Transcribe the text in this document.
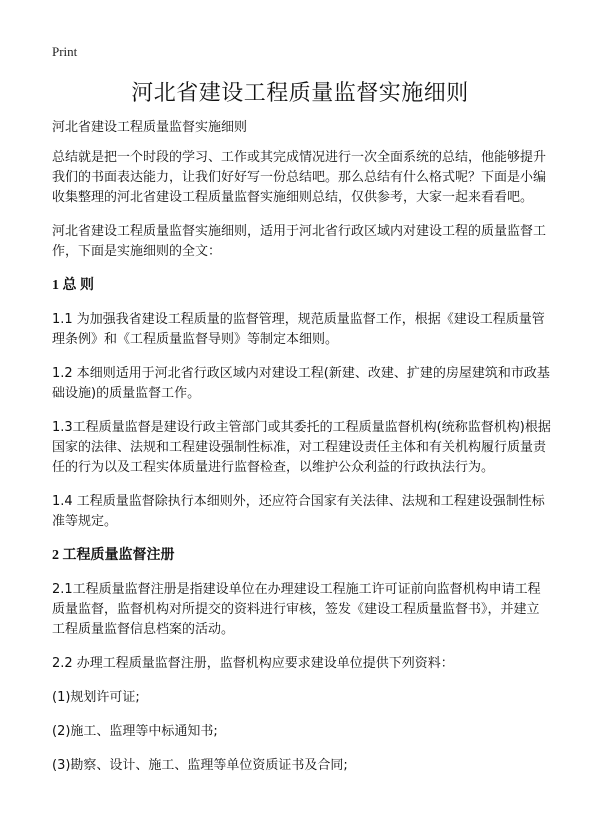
Print
河北省建设工程质量监督实施细则

河北省建设工程质量监督实施细则

总结就是把一个时段的学习、工作或其完成情况进行一次全面系统的总结，他能够提升我们的书面表达能力，让我们好好写一份总结吧。那么总结有什么格式呢？下面是小编收集整理的河北省建设工程质量监督实施细则总结，仅供参考，大家一起来看看吧。

河北省建设工程质量监督实施细则，适用于河北省行政区域内对建设工程的质量监督工作，下面是实施细则的全文：

1 总 则

1.1 为加强我省建设工程质量的监督管理，规范质量监督工作，根据《建设工程质量管理条例》和《工程质量监督导则》等制定本细则。

1.2 本细则适用于河北省行政区域内对建设工程(新建、改建、扩建的房屋建筑和市政基础设施)的质量监督工作。

1.3工程质量监督是建设行政主管部门或其委托的工程质量监督机构(统称监督机构)根据国家的法律、法规和工程建设强制性标准，对工程建设责任主体和有关机构履行质量责任的行为以及工程实体质量进行监督检查，以维护公众利益的行政执法行为。

1.4 工程质量监督除执行本细则外，还应符合国家有关法律、法规和工程建设强制性标准等规定。

2 工程质量监督注册

2.1工程质量监督注册是指建设单位在办理建设工程施工许可证前向监督机构申请工程质量监督，监督机构对所提交的资料进行审核，签发《建设工程质量监督书》，并建立工程质量监督信息档案的活动。

2.2 办理工程质量监督注册，监督机构应要求建设单位提供下列资料：

(1)规划许可证;

(2)施工、监理等中标通知书;

(3)勘察、设计、施工、监理等单位资质证书及合同;
